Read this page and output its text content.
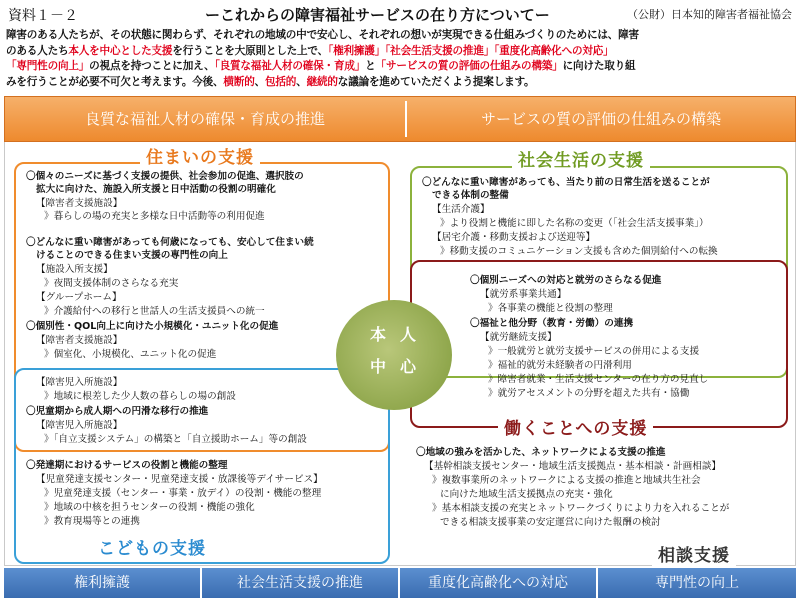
資料１－２	ーこれからの障害福祉サービスの在り方についてー	（公財）日本知的障害者福祉協会
障害のある人たちが、その状態に関わらず、それぞれの地域の中で安心し、それぞれの想いが実現できる仕組みづくりのためには、障害
のある人たち本人を中心とした支援を行うことを大原則とした上で、「権利擁護」「社会生活支援の推進」「重度化高齢化への対応」
「専門性の向上」の視点を持つことに加え、「良質な福祉人材の確保・育成」と「サービスの質の評価の仕組みの構築」に向けた取り組
みを行うことが必要不可欠と考えます。今後、横断的、包括的、継続的な議論を進めていただくよう提案します。
良質な福祉人材の確保・育成の推進	サービスの質の評価の仕組みの構築
本 人
中 心
住まいの支援	社会生活の支援
働くことへの支援
こどもの支援	相談支援
〇個々のニーズに基づく支援の提供、社会参加の促進、選択肢の
拡大に向けた、施設入所支援と日中活動の役割の明確化
【障害者支援施設】
》暮らしの場の充実と多様な日中活動等の利用促進
〇どんなに重い障害があっても何歳になっても、安心して住まい続
けることのできる住まい支援の専門性の向上
【施設入所支援】
》夜間支援体制のさらなる充実
【グループホーム】
》介護給付への移行と世話人の生活支援員への統一
〇個別性・QOL向上に向けた小規模化・ユニット化の促進
【障害者支援施設】
》個室化、小規模化、ユニット化の促進
【障害児入所施設】
》地域に根差した少人数の暮らしの場の創設
〇児童期から成人期への円滑な移行の推進
【障害児入所施設】
》「自立支援システム」の構築と「自立援助ホーム」等の創設
〇発達期におけるサービスの役割と機能の整理
【児童発達支援センター・児童発達支援・放課後等デイサービス】
》児童発達支援（センター・事業・放デイ）の役割・機能の整理
》地域の中核を担うセンターの役割・機能の強化
》教育現場等との連携
〇どんなに重い障害があっても、当たり前の日常生活を送ることが
できる体制の整備
【生活介護】
》より役割と機能に即した名称の変更（「社会生活支援事業」）
【居宅介護・移動支援および送迎等】
》移動支援のコミュニケーション支援も含めた個別給付への転換
〇個別ニーズへの対応と就労のさらなる促進
【就労系事業共通】
》各事業の機能と役割の整理
〇福祉と他分野（教育・労働）の連携
【就労継続支援】
》一般就労と就労支援サービスの併用による支援
》福祉的就労未経験者の円滑利用
》障害者就業・生活支援センターの在り方の見直し
》就労アセスメントの分野を超えた共有・協働
〇地域の強みを活かした、ネットワークによる支援の推進
【基幹相談支援センター・地域生活支援拠点・基本相談・計画相談】
》複数事業所のネットワークによる支援の推進と地域共生社会
に向けた地域生活支援拠点の充実・強化
》基本相談支援の充実とネットワークづくりにより力を入れることが
できる相談支援事業の安定運営に向けた報酬の検討
権利擁護	社会生活支援の推進	重度化高齢化への対応	専門性の向上
